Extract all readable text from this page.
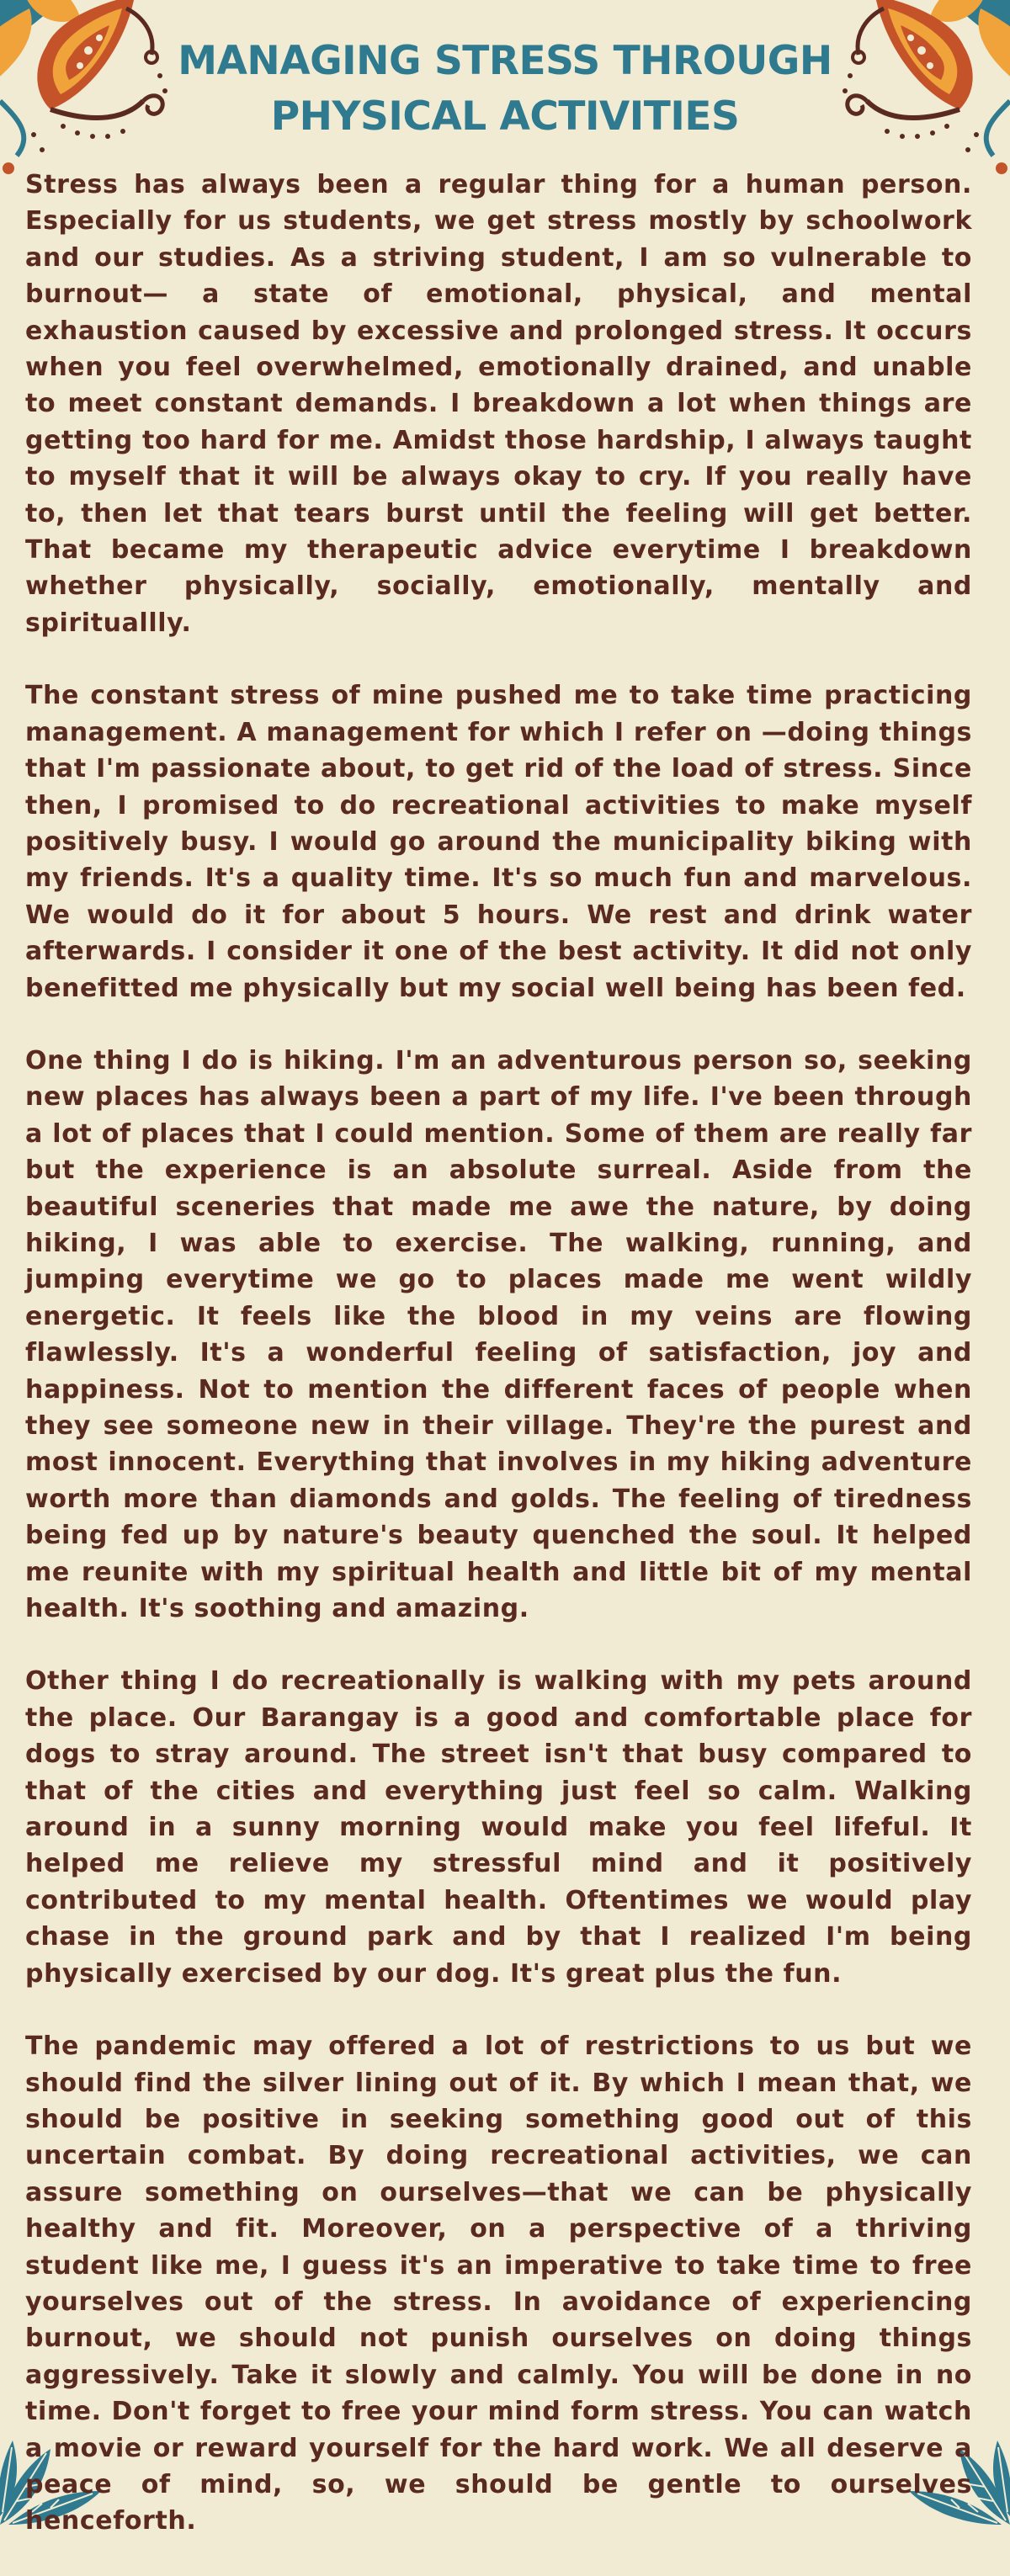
MANAGING STRESS THROUGH
PHYSICAL ACTIVITIES

Stress has always been a regular thing for a human person. Especially for us students, we get stress mostly by schoolwork and our studies. As a striving student, I am so vulnerable to burnout— a state of emotional, physical, and mental exhaustion caused by excessive and prolonged stress. It occurs when you feel overwhelmed, emotionally drained, and unable to meet constant demands. I breakdown a lot when things are getting too hard for me. Amidst those hardship, I always taught to myself that it will be always okay to cry. If you really have to, then let that tears burst until the feeling will get better. That became my therapeutic advice everytime I breakdown whether physically, socially, emotionally, mentally and spirituallly.

The constant stress of mine pushed me to take time practicing management. A management for which I refer on —doing things that I'm passionate about, to get rid of the load of stress. Since then, I promised to do recreational activities to make myself positively busy. I would go around the municipality biking with my friends. It's a quality time. It's so much fun and marvelous. We would do it for about 5 hours. We rest and drink water afterwards. I consider it one of the best activity. It did not only benefitted me physically but my social well being has been fed.

One thing I do is hiking. I'm an adventurous person so, seeking new places has always been a part of my life. I've been through a lot of places that I could mention. Some of them are really far but the experience is an absolute surreal. Aside from the beautiful sceneries that made me awe the nature, by doing hiking, I was able to exercise. The walking, running, and jumping everytime we go to places made me went wildly energetic. It feels like the blood in my veins are flowing flawlessly. It's a wonderful feeling of satisfaction, joy and happiness. Not to mention the different faces of people when they see someone new in their village. They're the purest and most innocent. Everything that involves in my hiking adventure worth more than diamonds and golds. The feeling of tiredness being fed up by nature's beauty quenched the soul. It helped me reunite with my spiritual health and little bit of my mental health. It's soothing and amazing.

Other thing I do recreationally is walking with my pets around the place. Our Barangay is a good and comfortable place for dogs to stray around. The street isn't that busy compared to that of the cities and everything just feel so calm. Walking around in a sunny morning would make you feel lifeful. It helped me relieve my stressful mind and it positively contributed to my mental health. Oftentimes we would play chase in the ground park and by that I realized I'm being physically exercised by our dog. It's great plus the fun.

The pandemic may offered a lot of restrictions to us but we should find the silver lining out of it. By which I mean that, we should be positive in seeking something good out of this uncertain combat. By doing recreational activities, we can assure something on ourselves—that we can be physically healthy and fit. Moreover, on a perspective of a thriving student like me, I guess it's an imperative to take time to free yourselves out of the stress. In avoidance of experiencing burnout, we should not punish ourselves on doing things aggressively. Take it slowly and calmly. You will be done in no time. Don't forget to free your mind form stress. You can watch a movie or reward yourself for the hard work. We all deserve a peace of mind, so, we should be gentle to ourselves henceforth.
